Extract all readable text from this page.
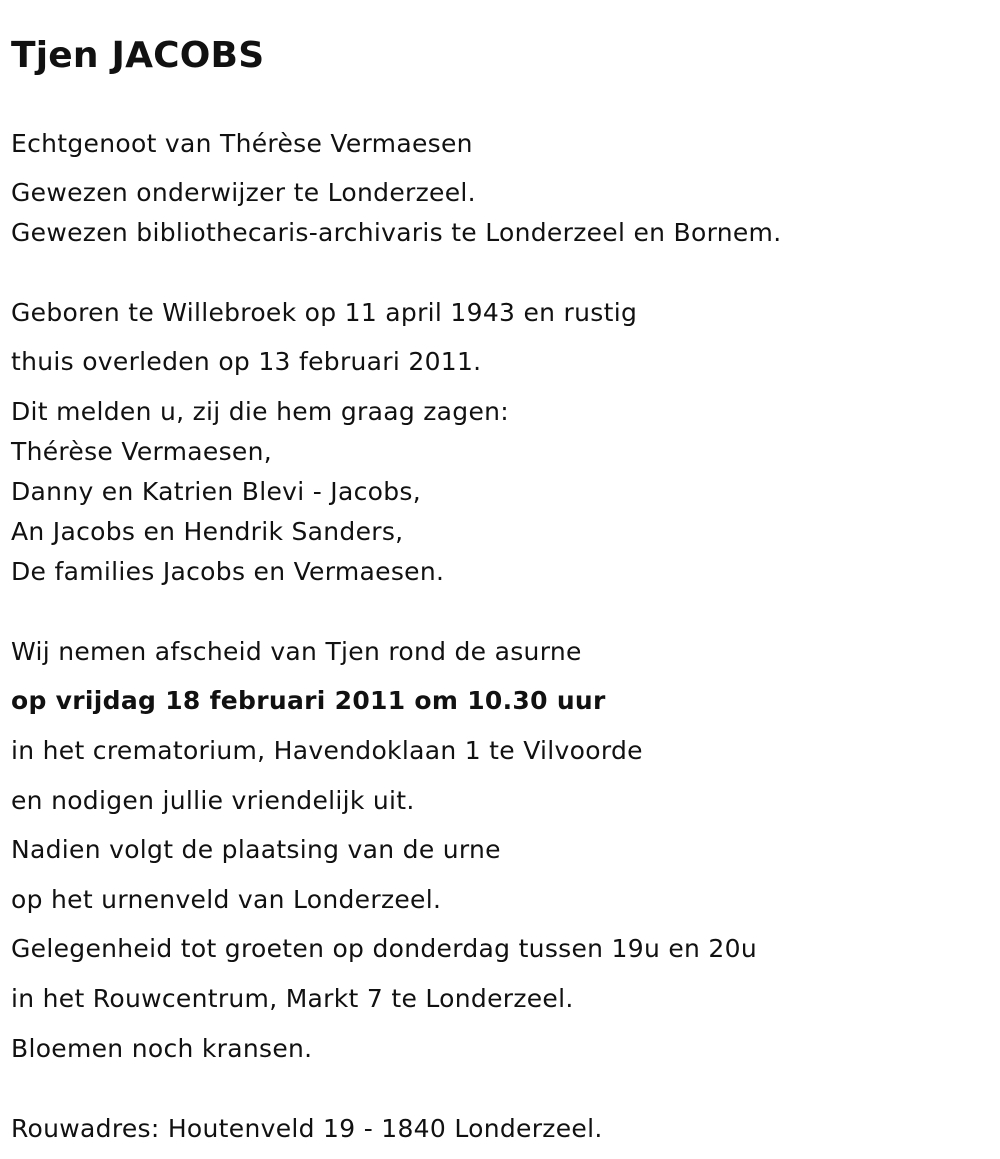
Tjen JACOBS

Echtgenoot van Thérèse Vermaesen

Gewezen onderwijzer te Londerzeel.

Gewezen bibliothecaris-archivaris te Londerzeel en Bornem.

Geboren te Willebroek op 11 april 1943 en rustig

thuis overleden op 13 februari 2011.

Dit melden u, zij die hem graag zagen:

Thérèse Vermaesen,

Danny en Katrien Blevi - Jacobs,

An Jacobs en Hendrik Sanders,

De families Jacobs en Vermaesen.

Wij nemen afscheid van Tjen rond de asurne

op vrijdag 18 februari 2011 om 10.30 uur

in het crematorium, Havendoklaan 1 te Vilvoorde

en nodigen jullie vriendelijk uit.

Nadien volgt de plaatsing van de urne

op het urnenveld van Londerzeel.

Gelegenheid tot groeten op donderdag tussen 19u en 20u

in het Rouwcentrum, Markt 7 te Londerzeel.

Bloemen noch kransen.

Rouwadres: Houtenveld 19 - 1840 Londerzeel.
